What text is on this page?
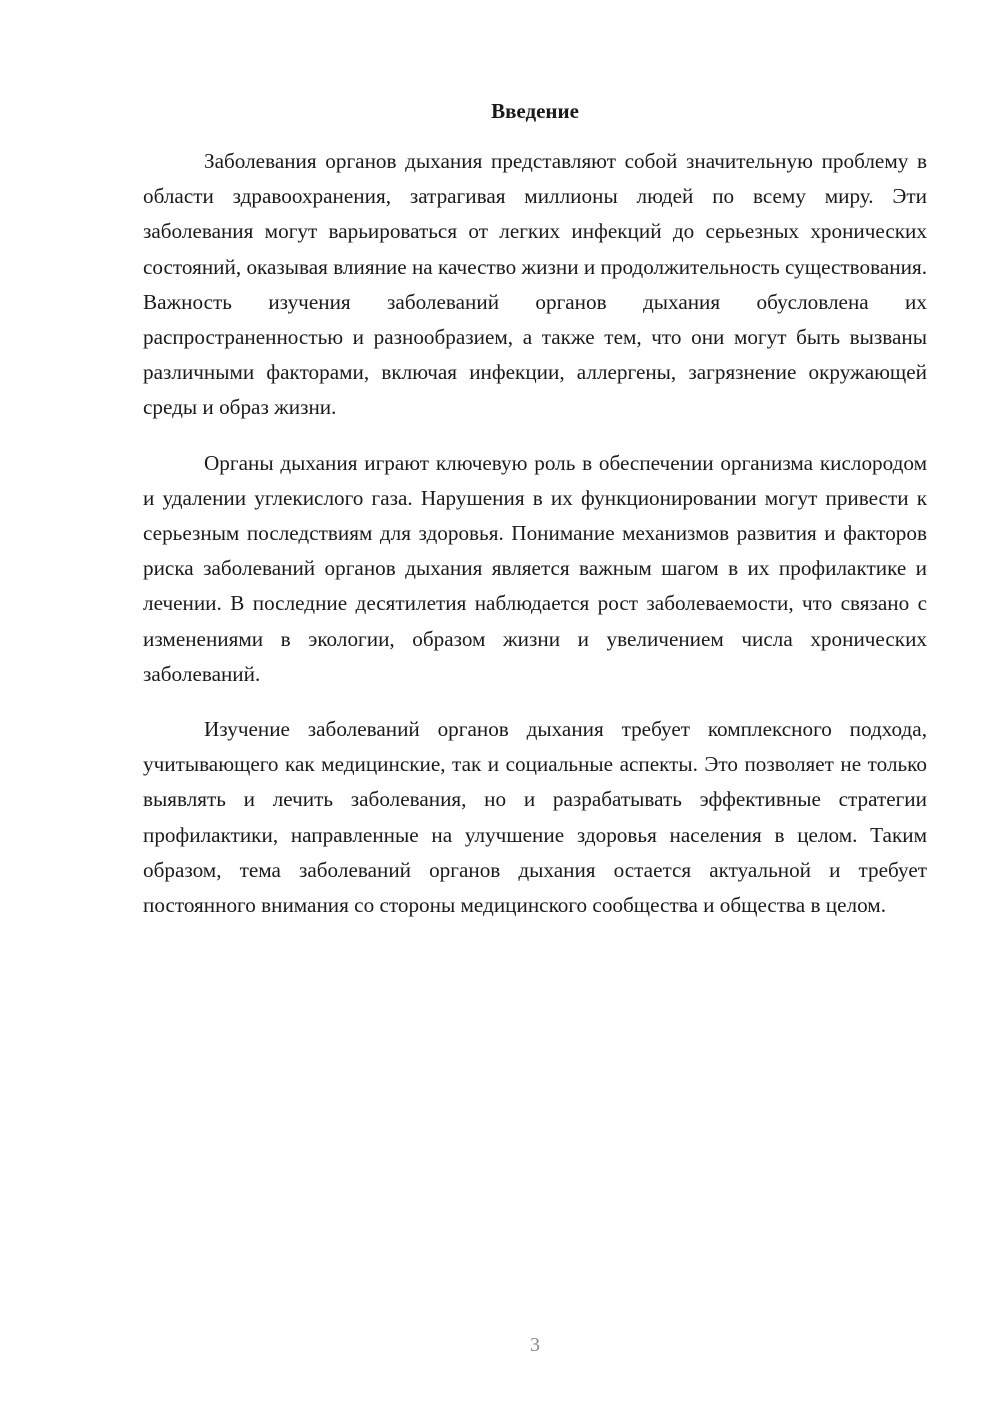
Введение

Заболевания органов дыхания представляют собой значительную проблему в области здравоохранения, затрагивая миллионы людей по всему миру. Эти заболевания могут варьироваться от легких инфекций до серьезных хронических состояний, оказывая влияние на качество жизни и продолжительность существования. Важность изучения заболеваний органов дыхания обусловлена их распространенностью и разнообразием, а также тем, что они могут быть вызваны различными факторами, включая инфекции, аллергены, загрязнение окружающей среды и образ жизни.

Органы дыхания играют ключевую роль в обеспечении организма кислородом и удалении углекислого газа. Нарушения в их функционировании могут привести к серьезным последствиям для здоровья. Понимание механизмов развития и факторов риска заболеваний органов дыхания является важным шагом в их профилактике и лечении. В последние десятилетия наблюдается рост заболеваемости, что связано с изменениями в экологии, образом жизни и увеличением числа хронических заболеваний.

Изучение заболеваний органов дыхания требует комплексного подхода, учитывающего как медицинские, так и социальные аспекты. Это позволяет не только выявлять и лечить заболевания, но и разрабатывать эффективные стратегии профилактики, направленные на улучшение здоровья населения в целом. Таким образом, тема заболеваний органов дыхания остается актуальной и требует постоянного внимания со стороны медицинского сообщества и общества в целом.

3
